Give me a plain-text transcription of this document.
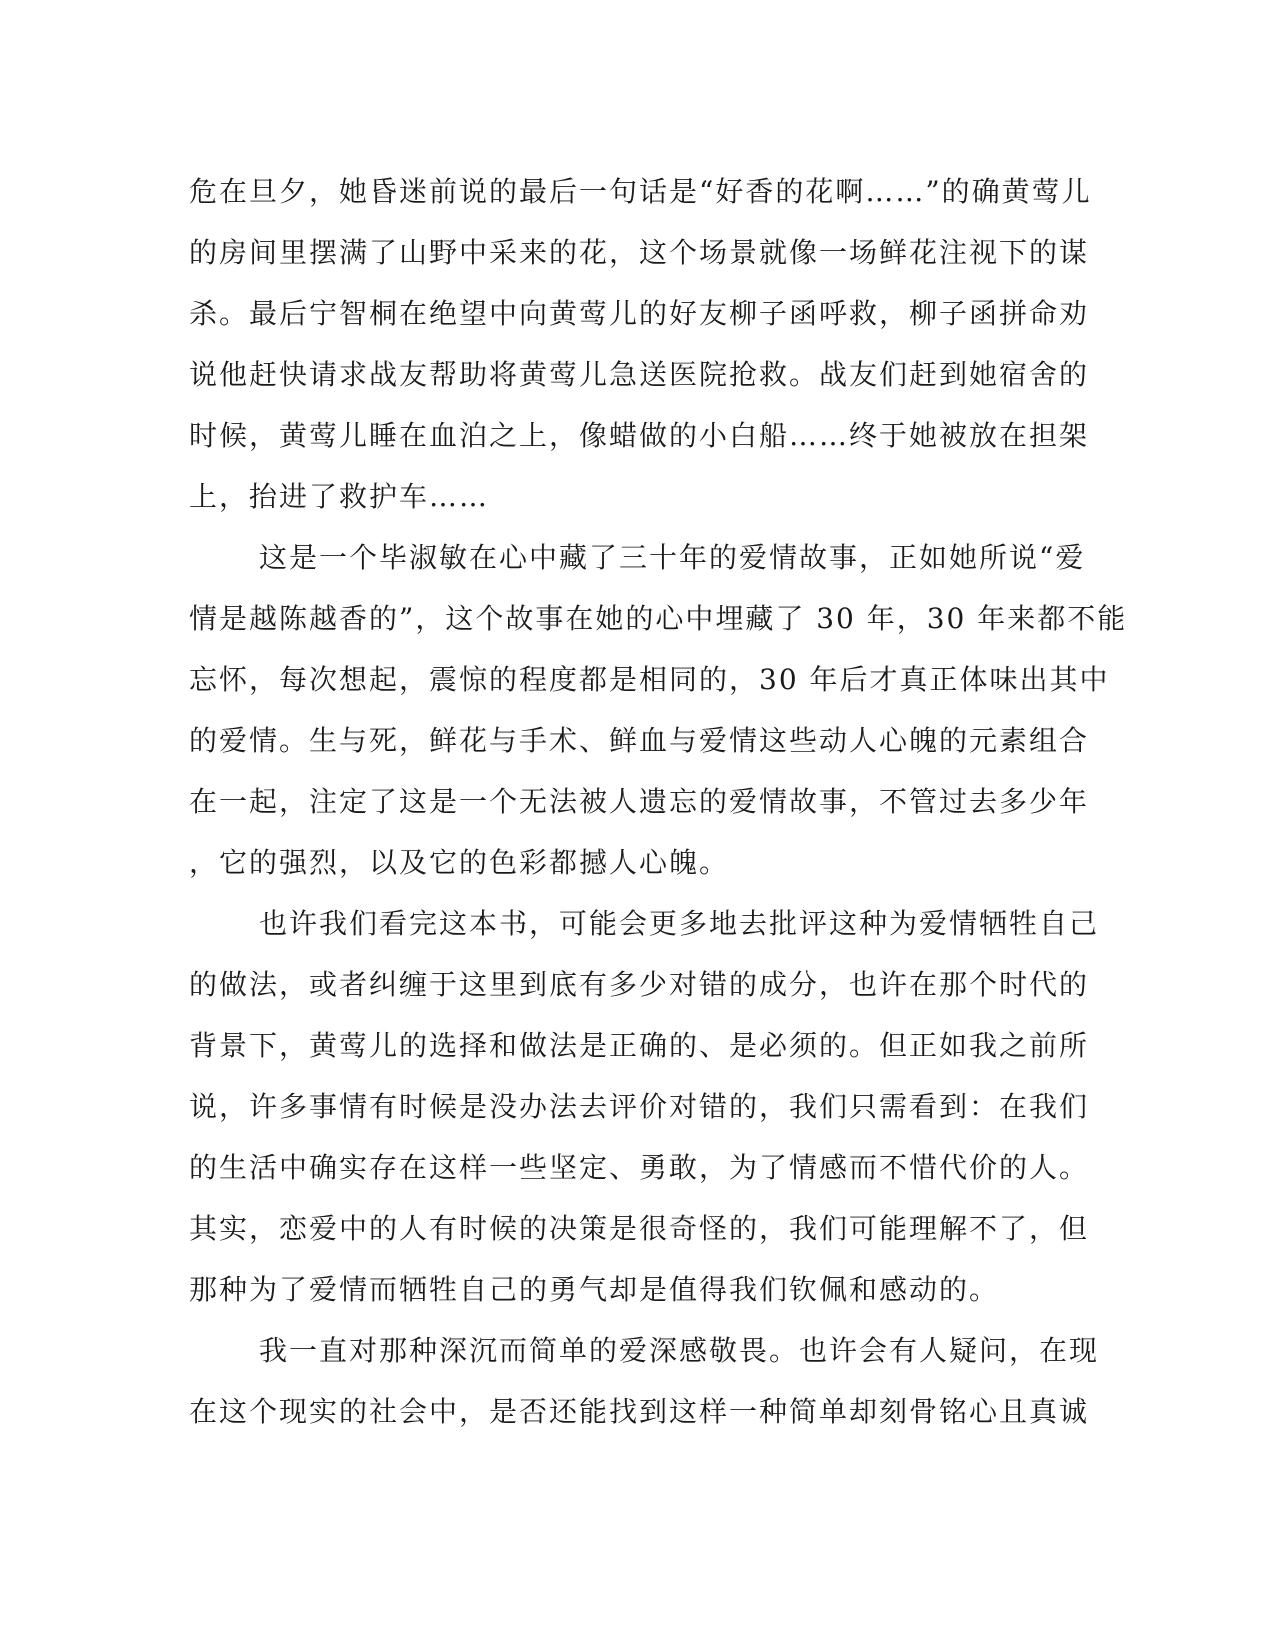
危在旦夕，她昏迷前说的最后一句话是“好香的花啊……”的确黄莺儿
的房间里摆满了山野中采来的花，这个场景就像一场鲜花注视下的谋
杀。最后宁智桐在绝望中向黄莺儿的好友柳子函呼救，柳子函拼命劝
说他赶快请求战友帮助将黄莺儿急送医院抢救。战友们赶到她宿舍的
时候，黄莺儿睡在血泊之上，像蜡做的小白船……终于她被放在担架
上，抬进了救护车……
这是一个毕淑敏在心中藏了三十年的爱情故事，正如她所说“爱
情是越陈越香的”，这个故事在她的心中埋藏了 30 年，30 年来都不能
忘怀，每次想起，震惊的程度都是相同的，30 年后才真正体味出其中
的爱情。生与死，鲜花与手术、鲜血与爱情这些动人心魄的元素组合
在一起，注定了这是一个无法被人遗忘的爱情故事，不管过去多少年
，它的强烈，以及它的色彩都撼人心魄。
也许我们看完这本书，可能会更多地去批评这种为爱情牺牲自己
的做法，或者纠缠于这里到底有多少对错的成分，也许在那个时代的
背景下，黄莺儿的选择和做法是正确的、是必须的。但正如我之前所
说，许多事情有时候是没办法去评价对错的，我们只需看到：在我们
的生活中确实存在这样一些坚定、勇敢，为了情感而不惜代价的人。
其实，恋爱中的人有时候的决策是很奇怪的，我们可能理解不了，但
那种为了爱情而牺牲自己的勇气却是值得我们钦佩和感动的。
我一直对那种深沉而简单的爱深感敬畏。也许会有人疑问，在现
在这个现实的社会中，是否还能找到这样一种简单却刻骨铭心且真诚
